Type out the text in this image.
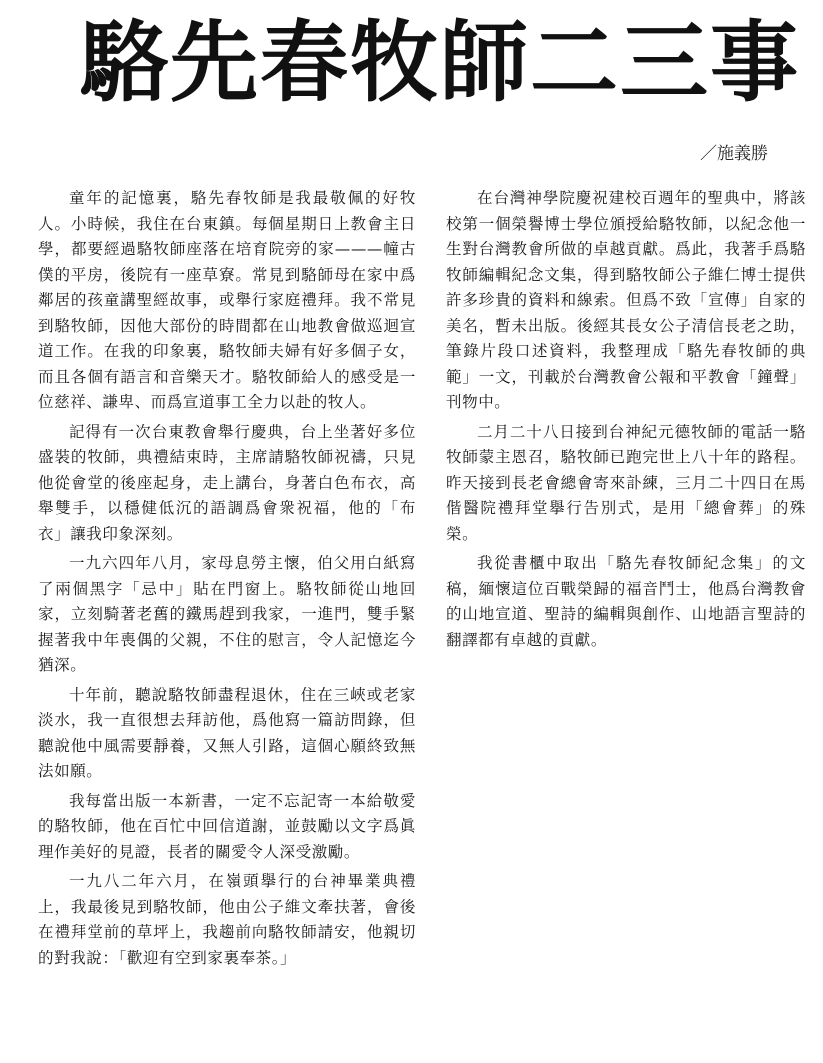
駱先春牧師二三事
／施義勝

童年的記憶裏，駱先春牧師是我最敬佩的好牧人。小時候，我住在台東鎮。每個星期日上教會主日學，都要經過駱牧師座落在培育院旁的家———幢古僕的平房，後院有一座草寮。常見到駱師母在家中爲鄰居的孩童講聖經故事，或舉行家庭禮拜。我不常見到駱牧師，因他大部份的時間都在山地教會做巡迴宣道工作。在我的印象裏，駱牧師夫婦有好多個子女，而且各個有語言和音樂天才。駱牧師給人的感受是一位慈祥、謙卑、而爲宣道事工全力以赴的牧人。

記得有一次台東教會舉行慶典，台上坐著好多位盛裝的牧師，典禮結束時，主席請駱牧師祝禱，只見他從會堂的後座起身，走上講台，身著白色布衣，高舉雙手，以穩健低沉的語調爲會衆祝福，他的「布衣」讓我印象深刻。

一九六四年八月，家母息勞主懷，伯父用白紙寫了兩個黑字「忌中」貼在門窗上。駱牧師從山地回家，立刻騎著老舊的鐵馬趕到我家，一進門，雙手緊握著我中年喪偶的父親，不住的慰言，令人記憶迄今猶深。

十年前，聽說駱牧師盡程退休，住在三峽或老家淡水，我一直很想去拜訪他，爲他寫一篇訪問錄，但聽說他中風需要靜養，又無人引路，這個心願終致無法如願。

我每當出版一本新書，一定不忘記寄一本給敬愛的駱牧師，他在百忙中回信道謝，並鼓勵以文字爲眞理作美好的見證，長者的關愛令人深受激勵。

一九八二年六月，在嶺頭擧行的台神畢業典禮上，我最後見到駱牧師，他由公子維文牽扶著，會後在禮拜堂前的草坪上，我趨前向駱牧師請安，他親切的對我說：「歡迎有空到家裏奉茶。」

在台灣神學院慶祝建校百週年的聖典中，將該校第一個榮譽博士學位頒授給駱牧師，以紀念他一生對台灣教會所做的卓越貢獻。爲此，我著手爲駱牧師編輯紀念文集，得到駱牧師公子維仁博士提供許多珍貴的資料和線索。但爲不致「宣傳」自家的美名，暫未出版。後經其長女公子清信長老之助，筆錄片段口述資料，我整理成「駱先春牧師的典範」一文，刊載於台灣教會公報和平教會「鐘聲」刊物中。

二月二十八日接到台神紀元德牧師的電話一駱牧師蒙主恩召，駱牧師已跑完世上八十年的路程。昨天接到長老會總會寄來訃練，三月二十四日在馬偕醫院禮拜堂擧行告別式，是用「總會葬」的殊榮。

我從書櫃中取出「駱先春牧師紀念集」的文稿，緬懷這位百戰榮歸的福音鬥士，他爲台灣教會的山地宣道、聖詩的編輯與創作、山地語言聖詩的翻譯都有卓越的貢獻。
